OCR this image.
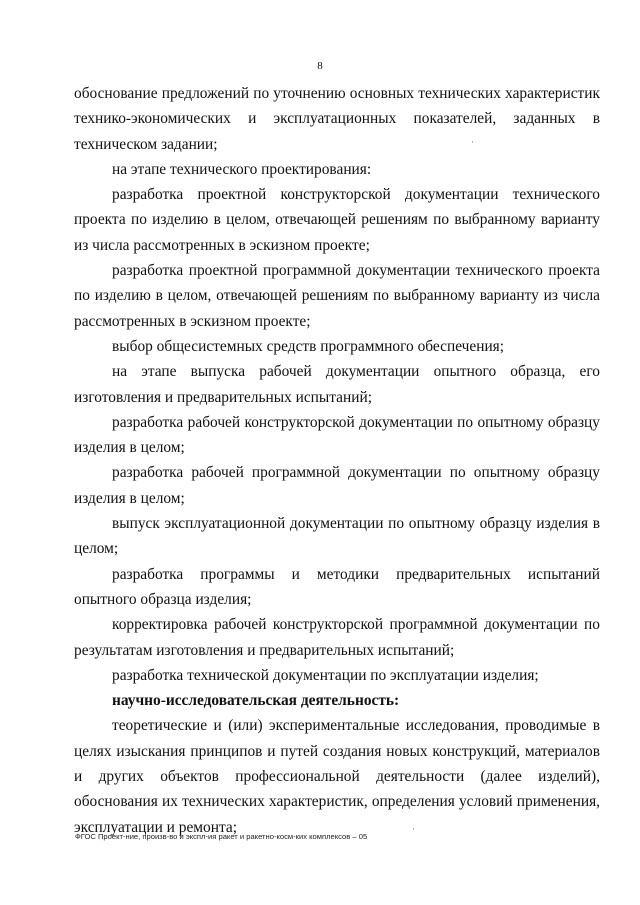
8

обоснование предложений по уточнению основных технических характеристик технико-экономических и эксплуатационных показателей, заданных в техническом задании;

на этапе технического проектирования:

разработка проектной конструкторской документации технического проекта по изделию в целом, отвечающей решениям по выбранному варианту из числа рассмотренных в эскизном проекте;

разработка проектной программной документации технического проекта по изделию в целом, отвечающей решениям по выбранному варианту из числа рассмотренных в эскизном проекте;

выбор общесистемных средств программного обеспечения;

на этапе выпуска рабочей документации опытного образца, его изготовления и предварительных испытаний;

разработка рабочей конструкторской документации по опытному образцу изделия в целом;

разработка рабочей программной документации по опытному образцу изделия в целом;

выпуск эксплуатационной документации по опытному образцу изделия в целом;

разработка программы и методики предварительных испытаний опытного образца изделия;

корректировка рабочей конструкторской программной документации по результатам изготовления и предварительных испытаний;

разработка технической документации по эксплуатации изделия;

научно-исследовательская деятельность:

теоретические и (или) экспериментальные исследования, проводимые в целях изыскания принципов и путей создания новых конструкций, материалов и других объектов профессиональной деятельности (далее изделий), обоснования их технических характеристик, определения условий применения, эксплуатации и ремонта;

·
·
ФГОС Проект-ние, произв-во и экспл-ия ракет и ракетно-косм-ких комплексов – 05
